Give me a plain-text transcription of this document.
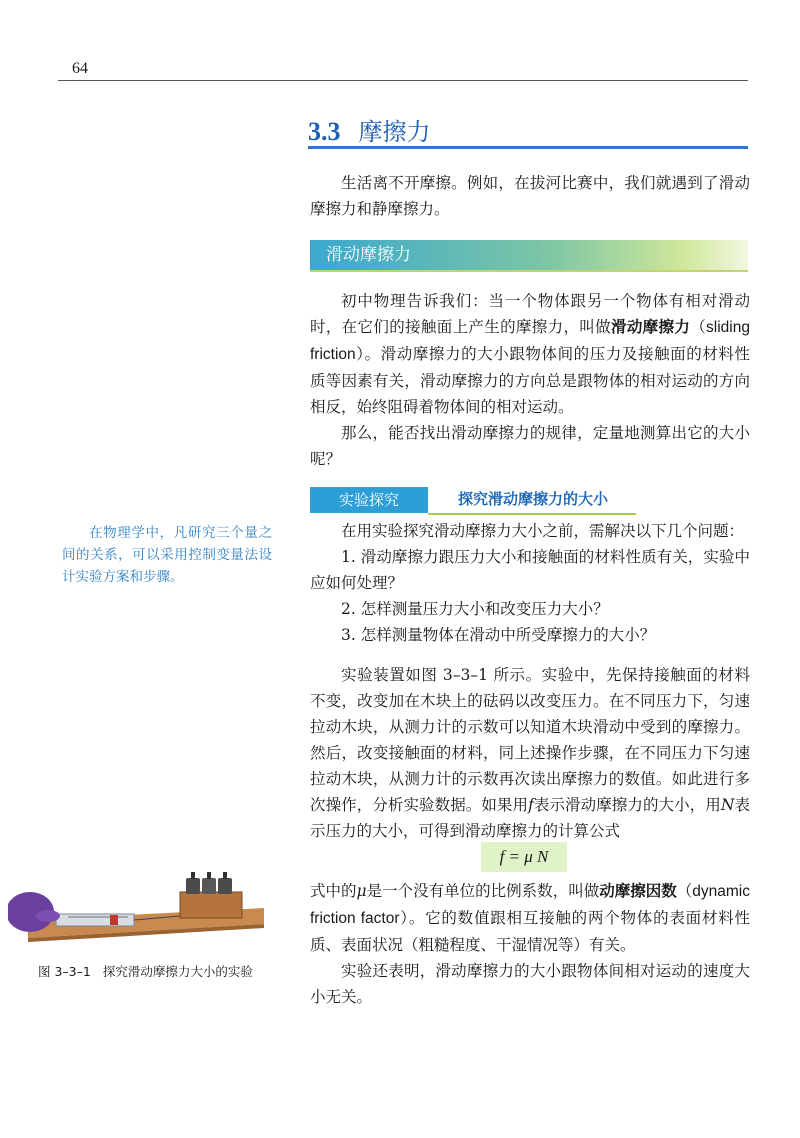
64
3.3 摩擦力

生活离不开摩擦。例如，在拔河比赛中，我们就遇到了滑动摩擦力和静摩擦力。

滑动摩擦力

初中物理告诉我们：当一个物体跟另一个物体有相对滑动时，在它们的接触面上产生的摩擦力，叫做滑动摩擦力（sliding friction）。滑动摩擦力的大小跟物体间的压力及接触面的材料性质等因素有关，滑动摩擦力的方向总是跟物体的相对运动的方向相反，始终阻碍着物体间的相对运动。

那么，能否找出滑动摩擦力的规律，定量地测算出它的大小呢？

实验探究	探究滑动摩擦力的大小
在物理学中，凡研究三个量之间的关系，可以采用控制变量法设计实验方案和步骤。

在用实验探究滑动摩擦力大小之前，需解决以下几个问题：

1. 滑动摩擦力跟压力大小和接触面的材料性质有关，实验中应如何处理？

2. 怎样测量压力大小和改变压力大小？

3. 怎样测量物体在滑动中所受摩擦力的大小？

实验装置如图 3–3–1 所示。实验中，先保持接触面的材料不变，改变加在木块上的砝码以改变压力。在不同压力下，匀速拉动木块，从测力计的示数可以知道木块滑动中受到的摩擦力。然后，改变接触面的材料，同上述操作步骤，在不同压力下匀速拉动木块，从测力计的示数再次读出摩擦力的数值。如此进行多次操作，分析实验数据。如果用f表示滑动摩擦力的大小，用N表示压力的大小，可得到滑动摩擦力的计算公式

f = μ N
图 3–3–1 探究滑动摩擦力大小的实验

式中的μ是一个没有单位的比例系数，叫做动摩擦因数（dynamic friction factor）。它的数值跟相互接触的两个物体的表面材料性质、表面状况（粗糙程度、干湿情况等）有关。

实验还表明，滑动摩擦力的大小跟物体间相对运动的速度大小无关。
